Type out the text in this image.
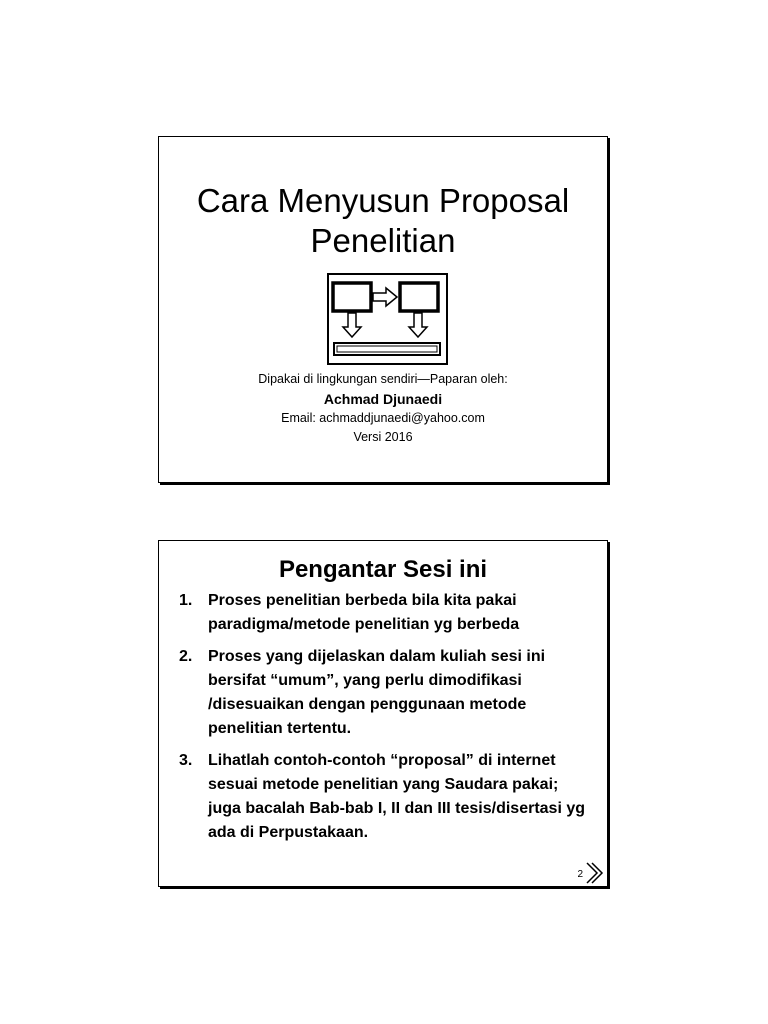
Cara Menyusun Proposal
Penelitian
Dipakai di lingkungan sendiri—Paparan oleh:
Achmad Djunaedi
Email: achmaddjunaedi@yahoo.com
Versi 2016
Pengantar Sesi ini
1. Proses penelitian berbeda bila kita pakai paradigma/metode penelitian yg berbeda
2. Proses yang dijelaskan dalam kuliah sesi ini bersifat “umum”, yang perlu dimodifikasi /disesuaikan dengan penggunaan metode penelitian tertentu.
3. Lihatlah contoh-contoh “proposal” di internet sesuai metode penelitian yang Saudara pakai; juga bacalah Bab-bab I, II dan III tesis/disertasi yg ada di Perpustakaan.
2
